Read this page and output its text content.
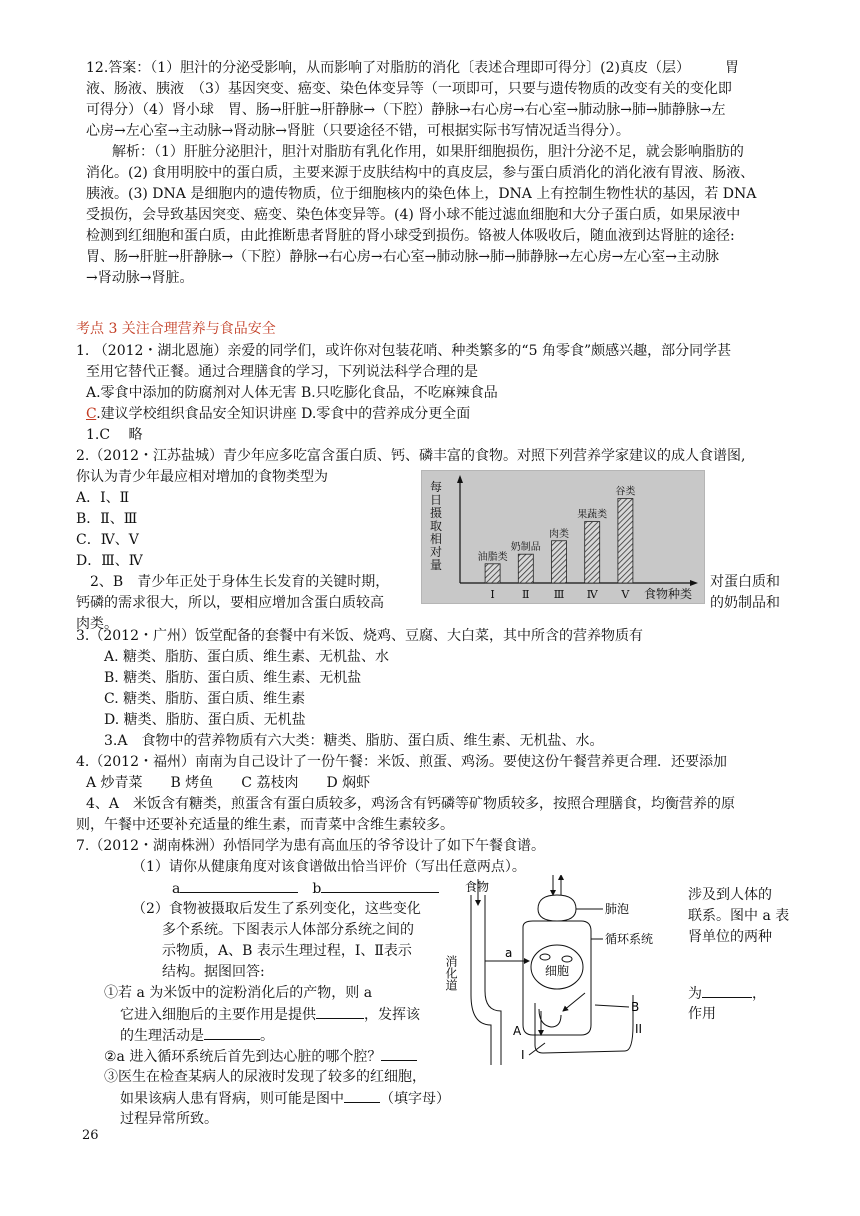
12.答案：（1）胆汁的分泌受影响，从而影响了对脂肪的消化〔表述合理即可得分〕(2)真皮（层）　　　胃
液、肠液、胰液　（3）基因突变、癌变、染色体变异等（一项即可，只要与遗传物质的改变有关的变化即
可得分）（4）肾小球　胃、肠→肝脏→肝静脉→（下腔）静脉→右心房→右心室→肺动脉→肺→肺静脉→左
心房→左心室→主动脉→肾动脉→肾脏（只要途径不错，可根据实际书写情况适当得分）。
解析：（1）肝脏分泌胆汁，胆汁对脂肪有乳化作用，如果肝细胞损伤，胆汁分泌不足，就会影响脂肪的
消化。(2) 食用明胶中的蛋白质，主要来源于皮肤结构中的真皮层，参与蛋白质消化的消化液有胃液、肠液、
胰液。(3) DNA 是细胞内的遗传物质，位于细胞核内的染色体上，DNA 上有控制生物性状的基因，若 DNA
受损伤，会导致基因突变、癌变、染色体变异等。(4) 肾小球不能过滤血细胞和大分子蛋白质，如果尿液中
检测到红细胞和蛋白质，由此推断患者肾脏的肾小球受到损伤。铬被人体吸收后，随血液到达肾脏的途径:
胃、肠→肝脏→肝静脉→（下腔）静脉→右心房→右心室→肺动脉→肺→肺静脉→左心房→左心室→主动脉
→肾动脉→肾脏。
考点 3 关注合理营养与食品安全
1. （2012・湖北恩施）亲爱的同学们，或许你对包装花哨、种类繁多的“5 角零食”颇感兴趣，部分同学甚
至用它替代正餐。通过合理膳食的学习，下列说法科学合理的是
A.零食中添加的防腐剂对人体无害 B.只吃膨化食品，不吃麻辣食品
C.建议学校组织食品安全知识讲座 D.零食中的营养成分更全面
1.C　 略
2.（2012・江苏盐城）青少年应多吃富含蛋白质、钙、磷丰富的食物。对照下列营养学家建议的成人食谱图,
你认为青少年最应相对增加的食物类型为
A．Ⅰ、Ⅱ
B．Ⅱ、Ⅲ
C．Ⅳ、Ⅴ
D．Ⅲ、Ⅳ
2、B　青少年正处于身体生长发育的关键时期，	对蛋白质和
钙磷的需求很大，所以，要相应增加含蛋白质较高	的奶制品和
肉类。
每
日
摄
取
相
对
量
油脂类
Ⅰ
奶制品
Ⅱ
肉类
Ⅲ
果蔬类
Ⅳ
谷类
Ⅴ 食物种类
3.（2012・广州）饭堂配备的套餐中有米饭、烧鸡、豆腐、大白菜，其中所含的营养物质有
A. 糖类、脂肪、蛋白质、维生素、无机盐、水
B. 糖类、脂肪、蛋白质、维生素、无机盐
C. 糖类、脂肪、蛋白质、维生素
D. 糖类、脂肪、蛋白质、无机盐
3.A　食物中的营养物质有六大类：糖类、脂肪、蛋白质、维生素、无机盐、水。
4.（2012・福州）南南为自己设计了一份午餐：米饭、煎蛋、鸡汤。要使这份午餐营养更合理．还要添加
A 炒青菜　　B 烤鱼　　C 荔枝肉　　D 焖虾
4、A　米饭含有糖类，煎蛋含有蛋白质较多，鸡汤含有钙磷等矿物质较多，按照合理膳食，均衡营养的原
则，午餐中还要补充适量的维生素，而青菜中含维生素较多。
7.（2012・湖南株洲）孙悟同学为患有高血压的爷爷设计了如下午餐食谱。
（1）请你从健康角度对该食谱做出恰当评价（写出任意两点）。
a	b
（2）食物被摄取后发生了系列变化，这些变化
涉及到人体的
多个系统。下图表示人体部分系统之间的
联系。图中 a 表
示物质，A、B 表示生理过程，Ⅰ、Ⅱ表示
肾单位的两种
结构。据图回答:
①若 a 为米饭中的淀粉消化后的产物，则 a	为	，
它进入细胞后的主要作用是提供	，发挥该	作用
的生理活动是	。
②a 进入循环系统后首先到达心脏的哪个腔？
③医生在检查某病人的尿液时发现了较多的红细胞，
如果该病人患有肾病，则可能是图中	（填字母）
过程异常所致。
食物
消化道
肺泡
循环系统
细胞
a
B
A	II
I
26
